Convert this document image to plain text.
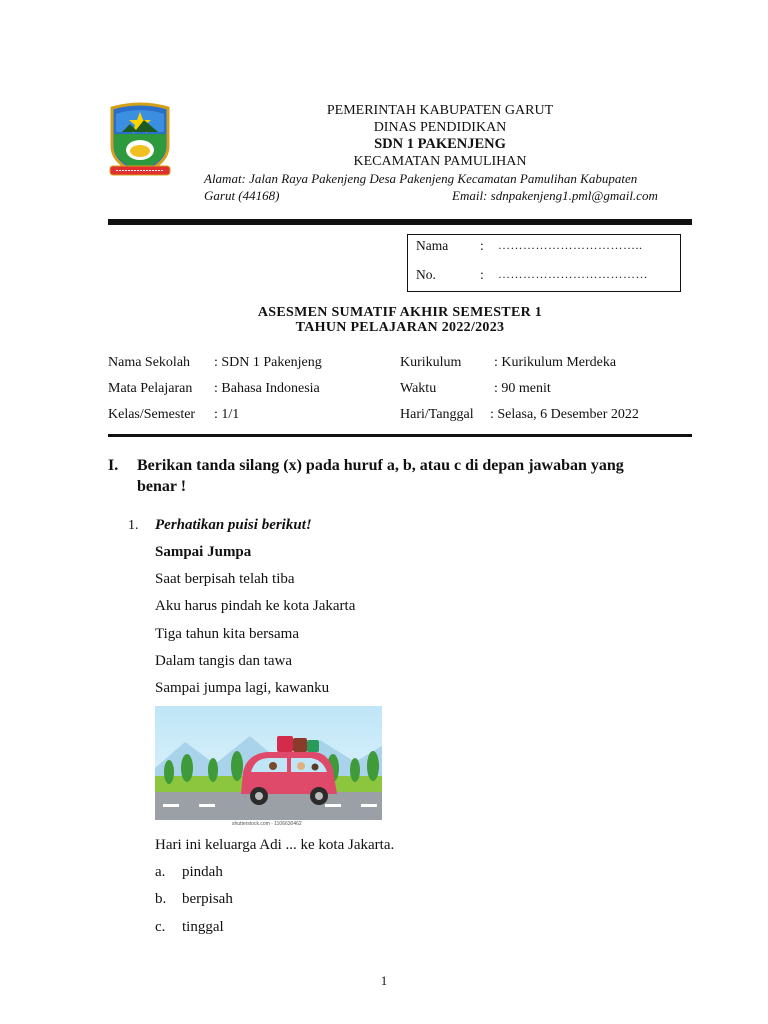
PEMERINTAH KABUPATEN GARUT
DINAS PENDIDIKAN
SDN 1 PAKENJENG
KECAMATAN PAMULIHAN
Alamat: Jalan Raya Pakenjeng Desa Pakenjeng Kecamatan Pamulihan Kabupaten
Garut (44168)	Email: sdnpakenjeng1.pml@gmail.com
Nama : ……………………………..
No.	: ………………………………
ASESMEN SUMATIF AKHIR SEMESTER 1
TAHUN PELAJARAN 2022/2023
Nama Sekolah : SDN 1 Pakenjeng
Mata Pelajaran : Bahasa Indonesia
Kelas/Semester : 1/1
Kurikulum : Kurikulum Merdeka
Waktu	: 90 menit
Hari/Tanggal : Selasa, 6 Desember 2022
I. Berikan tanda silang (x) pada huruf a, b, atau c di depan jawaban yang
benar !
1. Perhatikan puisi berikut!
Sampai Jumpa
Saat berpisah telah tiba
Aku harus pindah ke kota Jakarta
Tiga tahun kita bersama
Dalam tangis dan tawa
Sampai jumpa lagi, kawanku
shutterstock.com · 1106630462
Hari ini keluarga Adi ... ke kota Jakarta.
a. pindah
b. berpisah
c. tinggal
1
